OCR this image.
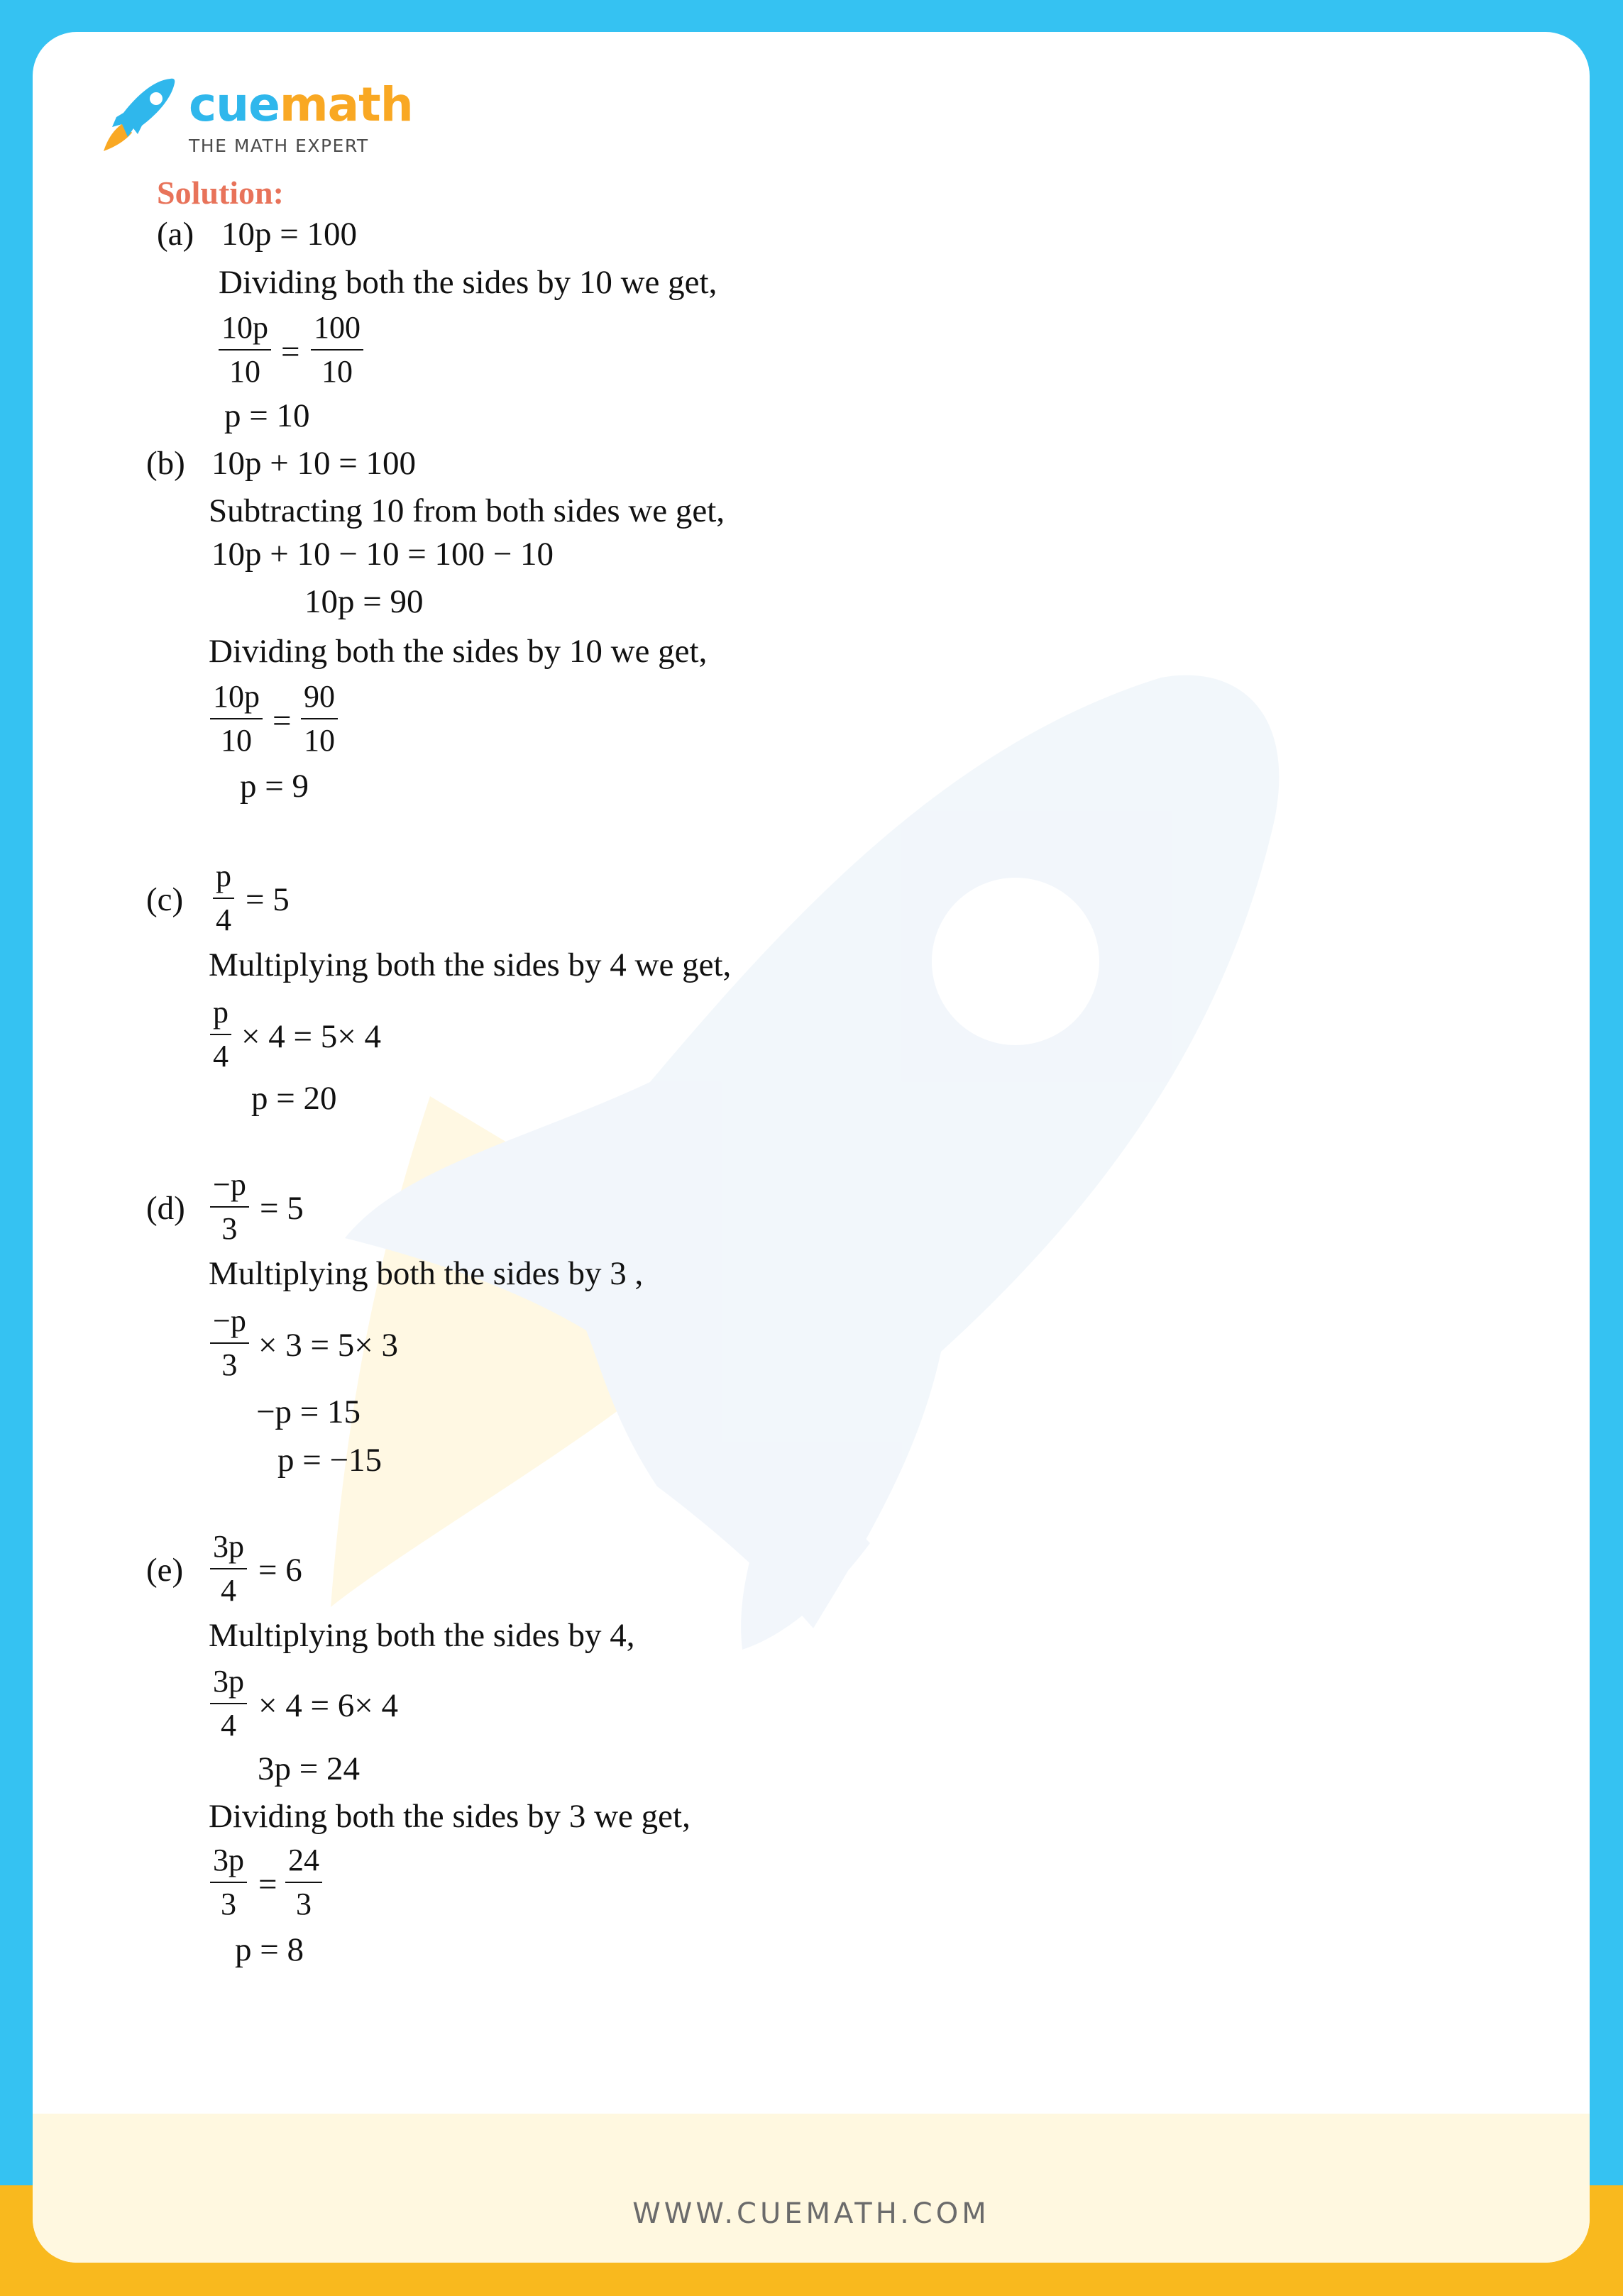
cuemath
THE MATH EXPERT
Solution:
(a) 10p = 100
Dividing both the sides by 10 we get,
$\frac{10p}{10} = \frac{100}{10}$
p = 10
(b) 10p + 10 = 100
Subtracting 10 from both sides we get,
10p + 10 − 10 = 100 − 10
10p = 90
Dividing both the sides by 10 we get,
$\frac{10p}{10} = \frac{90}{10}$
p = 9
$(c) \frac{p}{4} = 5$
Multiplying both the sides by 4 we get,
$\frac{p}{4} \times 4 = 5\times 4$
p = 20
$(d) \frac{-p}{3} = 5$
Multiplying both the sides by 3 ,
$\frac{-p}{3} \times 3 = 5\times 3$
−p = 15
p = −15
$(e) \frac{3p}{4} = 6$
Multiplying both the sides by 4,
$\frac{3p}{4} \times 4 = 6\times 4$
3p = 24
Dividing both the sides by 3 we get,
$\frac{3p}{3} = \frac{24}{3}$
p = 8
WWW.CUEMATH.COM
